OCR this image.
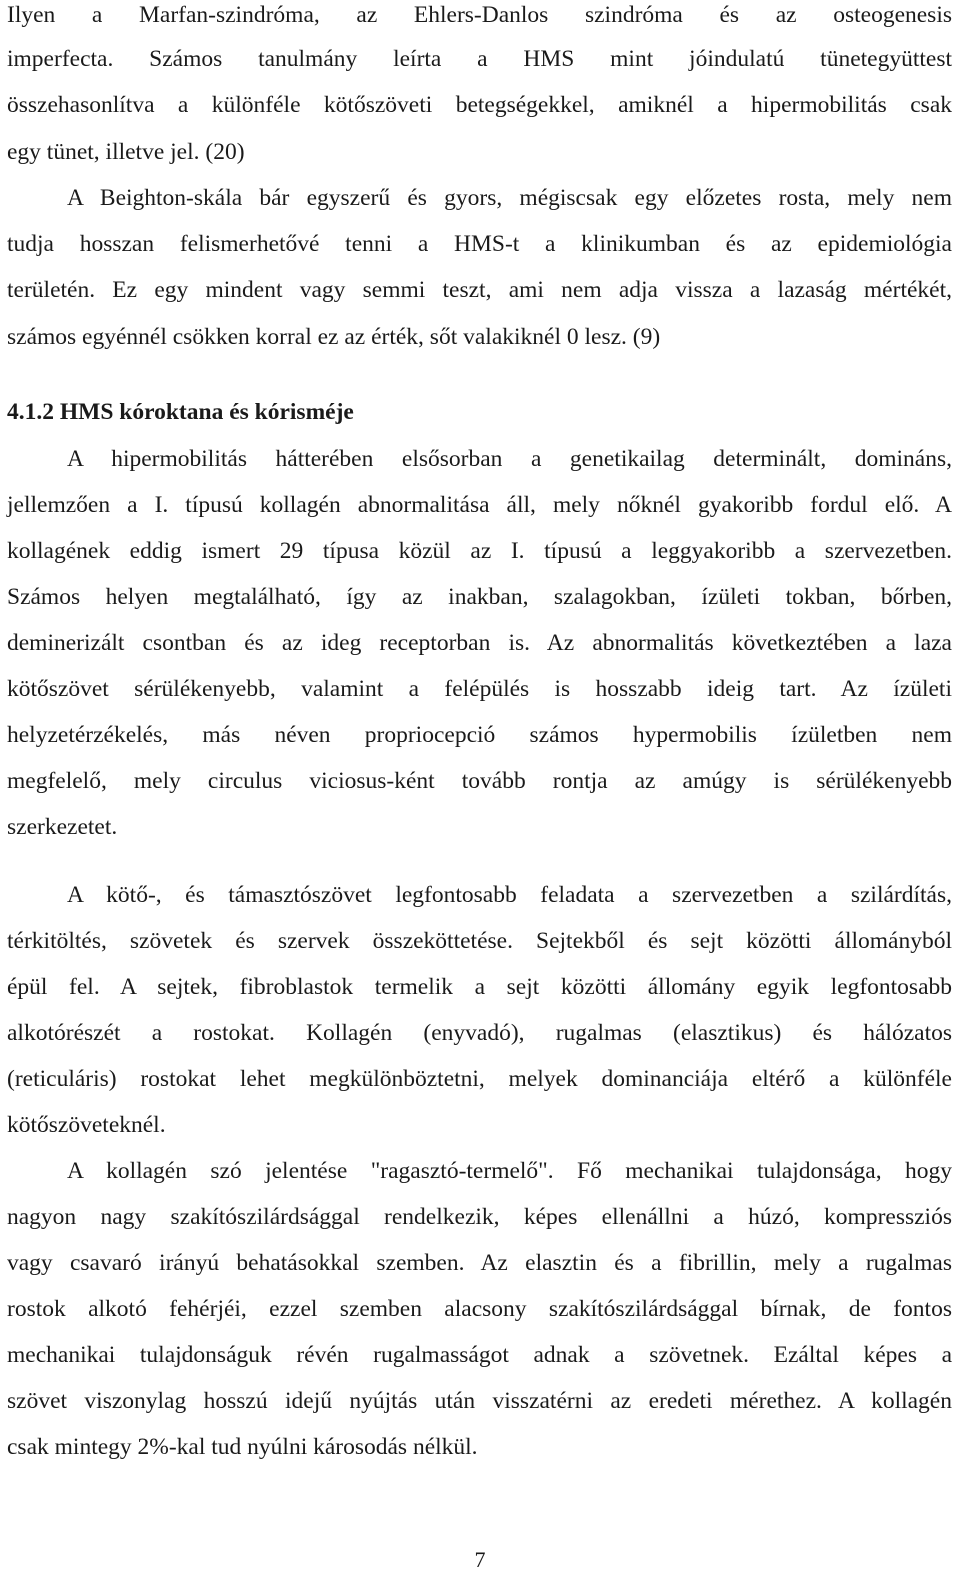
Ilyen a Marfan-szindróma, az Ehlers-Danlos szindróma és az osteogenesis
imperfecta. Számos tanulmány leírta a HMS mint jóindulatú tünetegyüttest
összehasonlítva a különféle kötőszöveti betegségekkel, amiknél a hipermobilitás csak
egy tünet, illetve jel. (20)
A Beighton-skála bár egyszerű és gyors, mégiscsak egy előzetes rosta, mely nem
tudja hosszan felismerhetővé tenni a HMS-t a klinikumban és az epidemiológia
területén. Ez egy mindent vagy semmi teszt, ami nem adja vissza a lazaság mértékét,
számos egyénnél csökken korral ez az érték, sőt valakiknél 0 lesz. (9)
4.1.2 HMS kóroktana és kórisméje
A hipermobilitás hátterében elsősorban a genetikailag determinált, domináns,
jellemzően a I. típusú kollagén abnormalitása áll, mely nőknél gyakoribb fordul elő. A
kollagének eddig ismert 29 típusa közül az I. típusú a leggyakoribb a szervezetben.
Számos helyen megtalálható, így az inakban, szalagokban, ízületi tokban, bőrben,
deminerizált csontban és az ideg receptorban is. Az abnormalitás következtében a laza
kötőszövet sérülékenyebb, valamint a felépülés is hosszabb ideig tart. Az ízületi
helyzetérzékelés, más néven propriocepció számos hypermobilis ízületben nem
megfelelő, mely circulus viciosus-ként tovább rontja az amúgy is sérülékenyebb
szerkezetet.
A kötő-, és támasztószövet legfontosabb feladata a szervezetben a szilárdítás,
térkitöltés, szövetek és szervek összeköttetése. Sejtekből és sejt közötti állományból
épül fel. A sejtek, fibroblastok termelik a sejt közötti állomány egyik legfontosabb
alkotórészét a rostokat. Kollagén (enyvadó), rugalmas (elasztikus) és hálózatos
(reticuláris) rostokat lehet megkülönböztetni, melyek dominanciája eltérő a különféle
kötőszöveteknél.
A kollagén szó jelentése "ragasztó-termelő". Fő mechanikai tulajdonsága, hogy
nagyon nagy szakítószilárdsággal rendelkezik, képes ellenállni a húzó, kompressziós
vagy csavaró irányú behatásokkal szemben. Az elasztin és a fibrillin, mely a rugalmas
rostok alkotó fehérjéi, ezzel szemben alacsony szakítószilárdsággal bírnak, de fontos
mechanikai tulajdonságuk révén rugalmasságot adnak a szövetnek. Ezáltal képes a
szövet viszonylag hosszú idejű nyújtás után visszatérni az eredeti mérethez. A kollagén
csak mintegy 2%-kal tud nyúlni károsodás nélkül.
7
